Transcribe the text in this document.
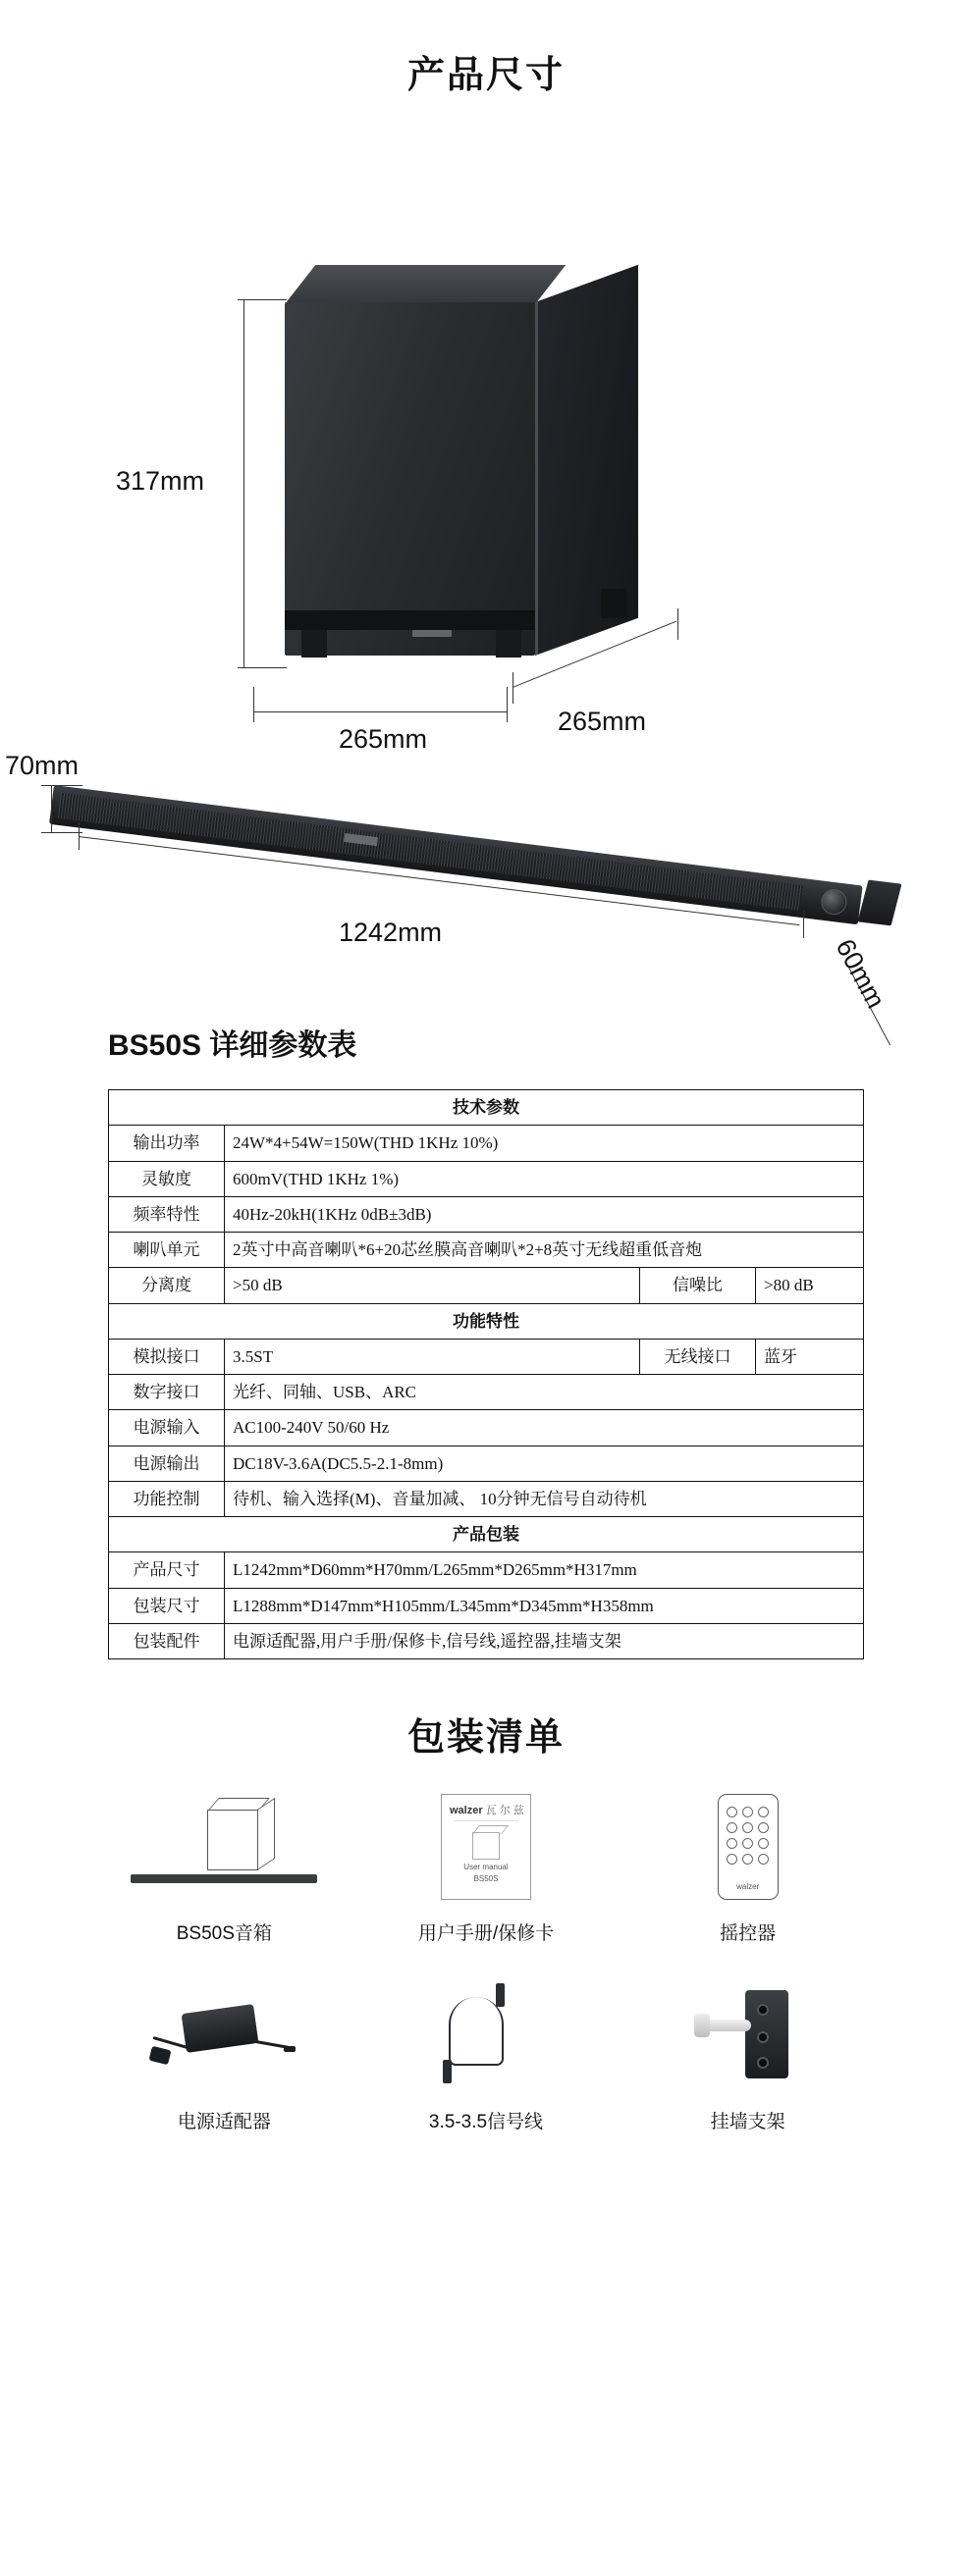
产品尺寸
317mm
265mm
265mm
70mm
1242mm
60mm
BS50S 详细参数表
技术参数			
输出功率	24W*4+54W=150W(THD 1KHz 10%)		
灵敏度	600mV(THD 1KHz 1%)		
频率特性	40Hz-20kH(1KHz 0dB±3dB)		
喇叭单元	2英寸中高音喇叭*6+20芯丝膜高音喇叭*2+8英寸无线超重低音炮		
分离度	>50 dB	信噪比	>80 dB
功能特性			
模拟接口	3.5ST	无线接口	蓝牙
数字接口	光纤、同轴、USB、ARC		
电源输入	AC100-240V 50/60 Hz		
电源输出	DC18V-3.6A(DC5.5-2.1-8mm)		
功能控制	待机、输入选择(M)、音量加减、 10分钟无信号自动待机		
产品包装			
产品尺寸	L1242mm*D60mm*H70mm/L265mm*D265mm*H317mm		
包装尺寸	L1288mm*D147mm*H105mm/L345mm*D345mm*H358mm		
包装配件	电源适配器,用户手册/保修卡,信号线,遥控器,挂墙支架		
包装清单
BS50S音箱
walzer 瓦 尔 兹
User manual
BS50S
用户手册/保修卡
walzer
摇控器
电源适配器	3.5-3.5信号线	挂墙支架
